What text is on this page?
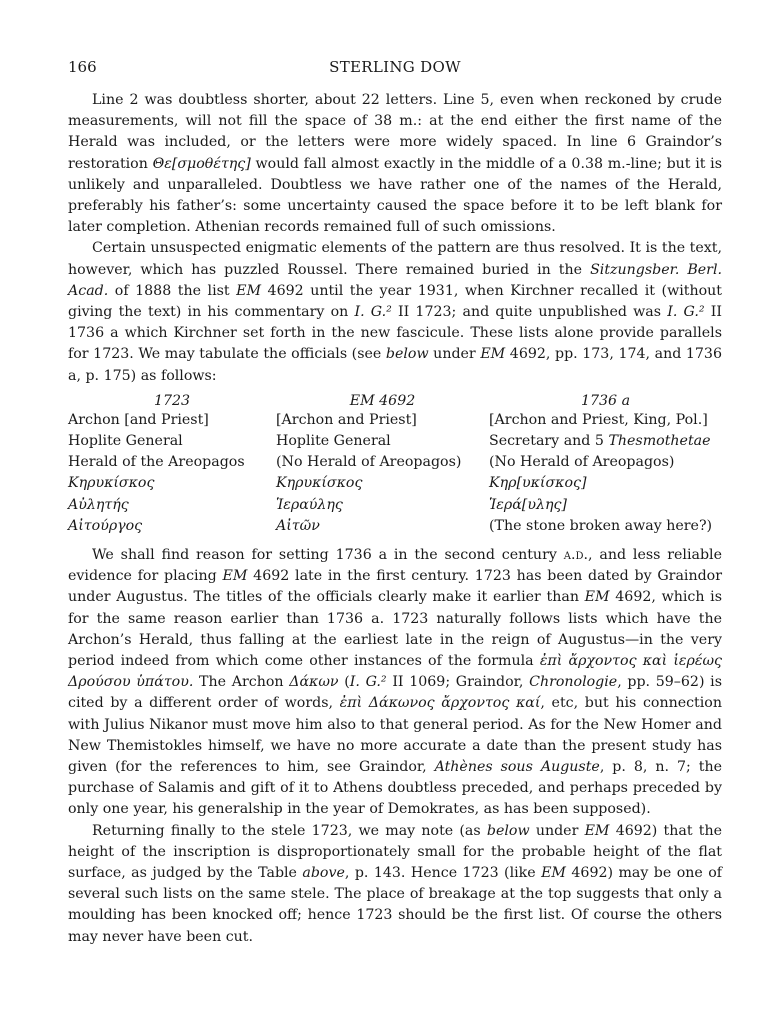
166	STERLING DOW

Line 2 was doubtless shorter, about 22 letters. Line 5, even when reckoned by crude measurements, will not fill the space of 38 m.: at the end either the first name of the Herald was included, or the letters were more widely spaced. In line 6 Graindor’s restoration Θε[σμοθέτης] would fall almost exactly in the middle of a 0.38 m.-line; but it is unlikely and unparalleled. Doubtless we have rather one of the names of the Herald, preferably his father’s: some uncertainty caused the space before it to be left blank for later completion. Athenian records remained full of such omissions.

Certain unsuspected enigmatic elements of the pattern are thus resolved. It is the text, however, which has puzzled Roussel. There remained buried in the Sitzungsber. Berl. Acad. of 1888 the list EM 4692 until the year 1931, when Kirchner recalled it (without giving the text) in his commentary on I. G.² II 1723; and quite unpublished was I. G.² II 1736 a which Kirchner set forth in the new fascicule. These lists alone provide parallels for 1723. We may tabulate the officials (see below under EM 4692, pp. 173, 174, and 1736 a, p. 175) as follows:

1723	EM 4692	1736 a
Archon [and Priest]	[Archon and Priest]	[Archon and Priest, King, Pol.]
Hoplite General	Hoplite General	Secretary and 5 Thesmothetae
Herald of the Areopagos	(No Herald of Areopagos)	(No Herald of Areopagos)
Κηρυκίσκος	Κηρυκίσκος	Κηρ[υκίσκος]
Αὐλητής	Ἱεραύλης	Ἱερά[υλης]
Αἰτούργος	Αἰτῶν	(The stone broken away here?)

We shall find reason for setting 1736 a in the second century a.d., and less reliable evidence for placing EM 4692 late in the first century. 1723 has been dated by Graindor under Augustus. The titles of the officials clearly make it earlier than EM 4692, which is for the same reason earlier than 1736 a. 1723 naturally follows lists which have the Archon’s Herald, thus falling at the earliest late in the reign of Augustus—in the very period indeed from which come other instances of the formula ἐπὶ ἄρχοντος καὶ ἱερέως Δρούσου ὑπάτου. The Archon Δάκων (I. G.² II 1069; Graindor, Chronologie, pp. 59–62) is cited by a different order of words, ἐπὶ Δάκωνος ἄρχοντος καί, etc, but his connection with Julius Nikanor must move him also to that general period. As for the New Homer and New Themistokles himself, we have no more accurate a date than the present study has given (for the references to him, see Graindor, Athènes sous Auguste, p. 8, n. 7; the purchase of Salamis and gift of it to Athens doubtless preceded, and perhaps preceded by only one year, his generalship in the year of Demokrates, as has been supposed).

Returning finally to the stele 1723, we may note (as below under EM 4692) that the height of the inscription is disproportionately small for the probable height of the flat surface, as judged by the Table above, p. 143. Hence 1723 (like EM 4692) may be one of several such lists on the same stele. The place of breakage at the top suggests that only a moulding has been knocked off; hence 1723 should be the first list. Of course the others may never have been cut.
